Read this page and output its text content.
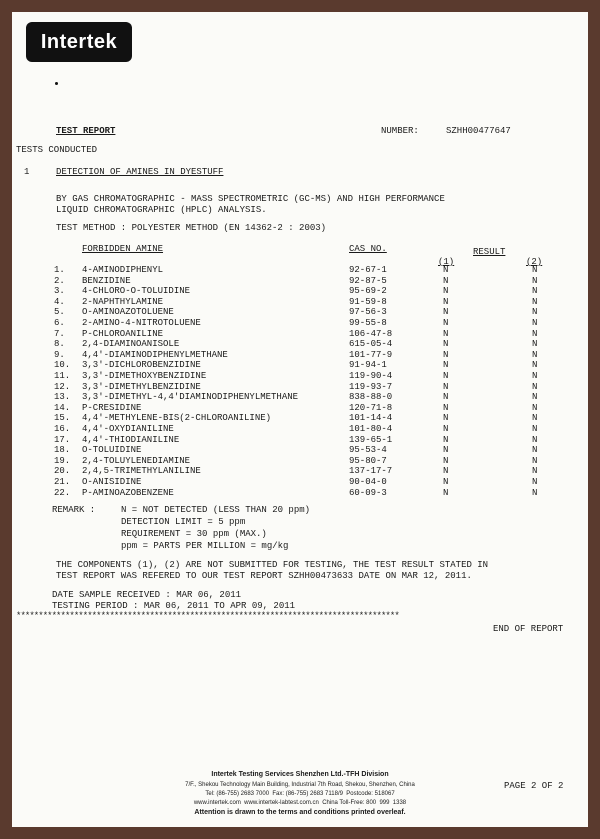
Intertek
TEST REPORT	NUMBER:	SZHH00477647
TESTS CONDUCTED
1	DETECTION OF AMINES IN DYESTUFF
BY GAS CHROMATOGRAPHIC - MASS SPECTROMETRIC (GC-MS) AND HIGH PERFORMANCE
LIQUID CHROMATOGRAPHIC (HPLC) ANALYSIS.
TEST METHOD : POLYESTER METHOD (EN 14362-2 : 2003)
FORBIDDEN AMINE	CAS NO.	RESULT
(1)	(2)
1. 4-AMINODIPHENYL	92-67-1	N	N
2. BENZIDINE	92-87-5	N	N
3. 4-CHLORO-O-TOLUIDINE	95-69-2	N	N
4. 2-NAPHTHYLAMINE	91-59-8	N	N
5. O-AMINOAZOTOLUENE	97-56-3	N	N
6. 2-AMINO-4-NITROTOLUENE	99-55-8	N	N
7. P-CHLOROANILINE	106-47-8	N	N
8. 2,4-DIAMINOANISOLE	615-05-4	N	N
9. 4,4'-DIAMINODIPHENYLMETHANE	101-77-9	N	N
10. 3,3'-DICHLOROBENZIDINE	91-94-1	N	N
11. 3,3'-DIMETHOXYBENZIDINE	119-90-4	N	N
12. 3,3'-DIMETHYLBENZIDINE	119-93-7	N	N
13. 3,3'-DIMETHYL-4,4'DIAMINODIPHENYLMETHANE	838-88-0	N	N
14. P-CRESIDINE	120-71-8	N	N
15. 4,4'-METHYLENE-BIS(2-CHLOROANILINE)	101-14-4	N	N
16. 4,4'-OXYDIANILINE	101-80-4	N	N
17. 4,4'-THIODIANILINE	139-65-1	N	N
18. O-TOLUIDINE	95-53-4	N	N
19. 2,4-TOLUYLENEDIAMINE	95-80-7	N	N
20. 2,4,5-TRIMETHYLANILINE	137-17-7	N	N
21. O-ANISIDINE	90-04-0	N	N
22. P-AMINOAZOBENZENE	60-09-3	N	N
REMARK :	N = NOT DETECTED (LESS THAN 20 ppm)
DETECTION LIMIT = 5 ppm
REQUIREMENT = 30 ppm (MAX.)
ppm = PARTS PER MILLION = mg/kg
THE COMPONENTS (1), (2) ARE NOT SUBMITTED FOR TESTING, THE TEST RESULT STATED IN
TEST REPORT WAS REFERED TO OUR TEST REPORT SZHH00473633 DATE ON MAR 12, 2011.
DATE SAMPLE RECEIVED : MAR 06, 2011
TESTING PERIOD : MAR 06, 2011 TO APR 09, 2011
**************************************************************************************
END OF REPORT
Intertek Testing Services Shenzhen Ltd.-TFH Division
7/F., Shekou Technology Main Building, Industrial 7th Road, Shekou, Shenzhen, China
Tel: (86-755) 2683 7000  Fax: (86-755) 2683 7118/9  Postcode: 518067
www.intertek.com  www.intertek-labtest.com.cn  China Toll-Free: 800  999  1338
Attention is drawn to the terms and conditions printed overleaf.
PAGE 2 OF 2
